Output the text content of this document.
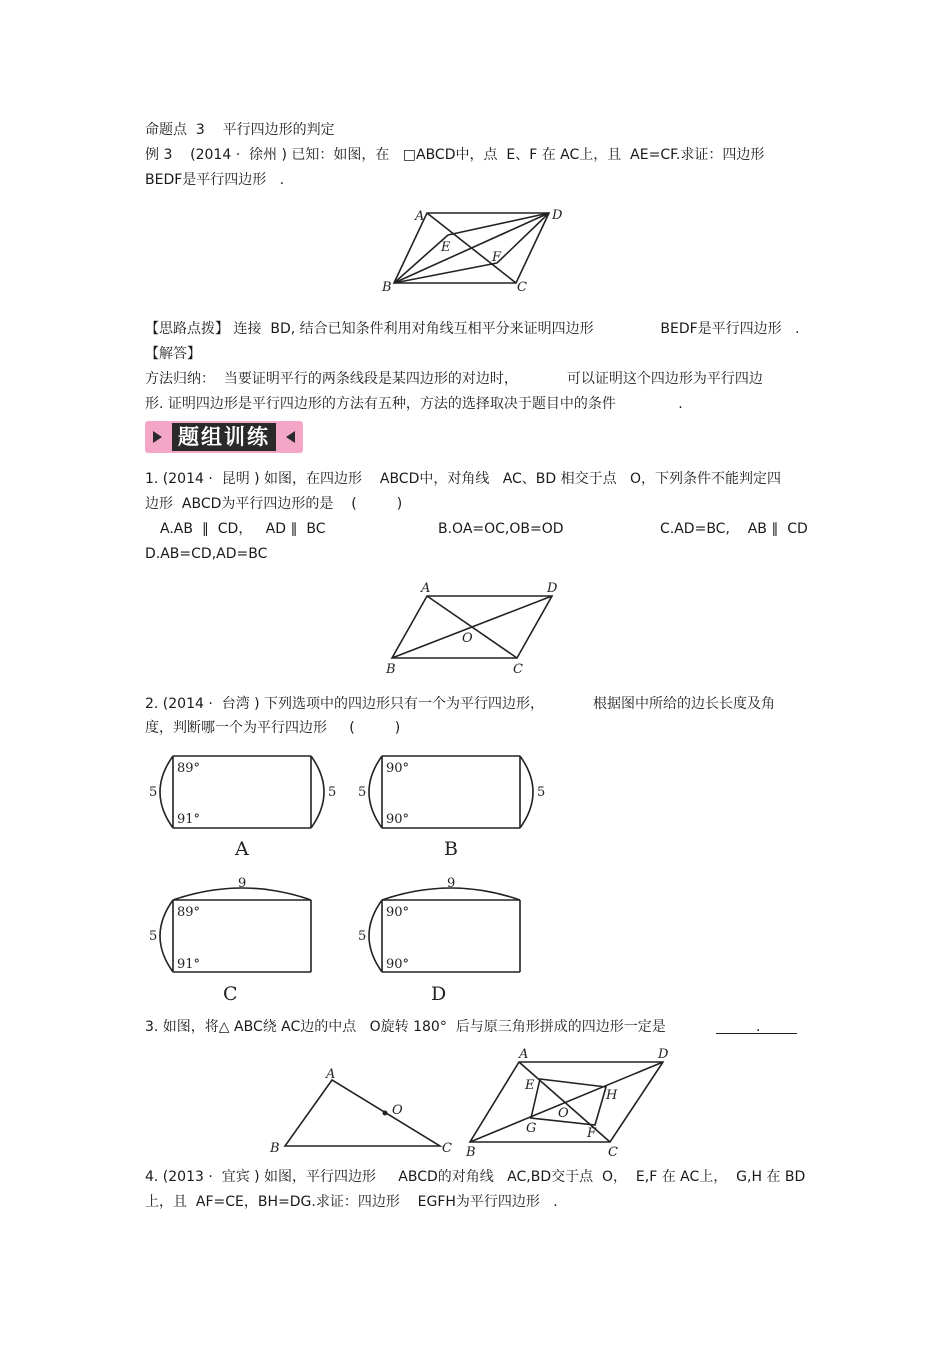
命题点  3    平行四边形的判定
例 3    (2014 ·  徐州 ) 已知：如图，在   □ABCD中，点  E、F 在 AC上，且  AE=CF.求证：四边形
BEDF是平行四边形   .
A	D
E
F
B	C
【思路点拨】 连接  BD, 结合已知条件利用对角线互相平分来证明四边形               BEDF是平行四边形   .
【解答】
方法归纳：  当要证明平行的两条线段是某四边形的对边时，           可以证明这个四边形为平行四边
形. 证明四边形是平行四边形的方法有五种，方法的选择取决于题目中的条件              .
题组训练
1. (2014 ·  昆明 ) 如图，在四边形    ABCD中，对角线   AC、BD 相交于点   O，下列条件不能判定四
边形  ABCD为平行四边形的是    (         )
A.AB  ∥  CD，   AD ∥  BC	B.OA=OC,OB=OD	C.AD=BC,    AB ∥  CD
D.AB=CD,AD=BC
A	D
O
B	C
2. (2014 ·  台湾 ) 下列选项中的四边形只有一个为平行四边形，           根据图中所给的边长长度及角
度，判断哪一个为平行四边形     (         )
89°
91°
5	5
A
90°
90°
5	5
B
89°
91°
5
9
C
90°
90°
5
9
D
3. 如图，将△ ABC绕 AC边的中点   O旋转 180°  后与原三角形拼成的四边形一定是	.
A
O
B	C
A	D
E
H
O
G	F
B	C
4. (2013 ·  宜宾 ) 如图，平行四边形     ABCD的对角线   AC,BD交于点  O，  E,F 在 AC上，  G,H 在 BD
上，且  AF=CE，BH=DG.求证：四边形    EGFH为平行四边形   .
